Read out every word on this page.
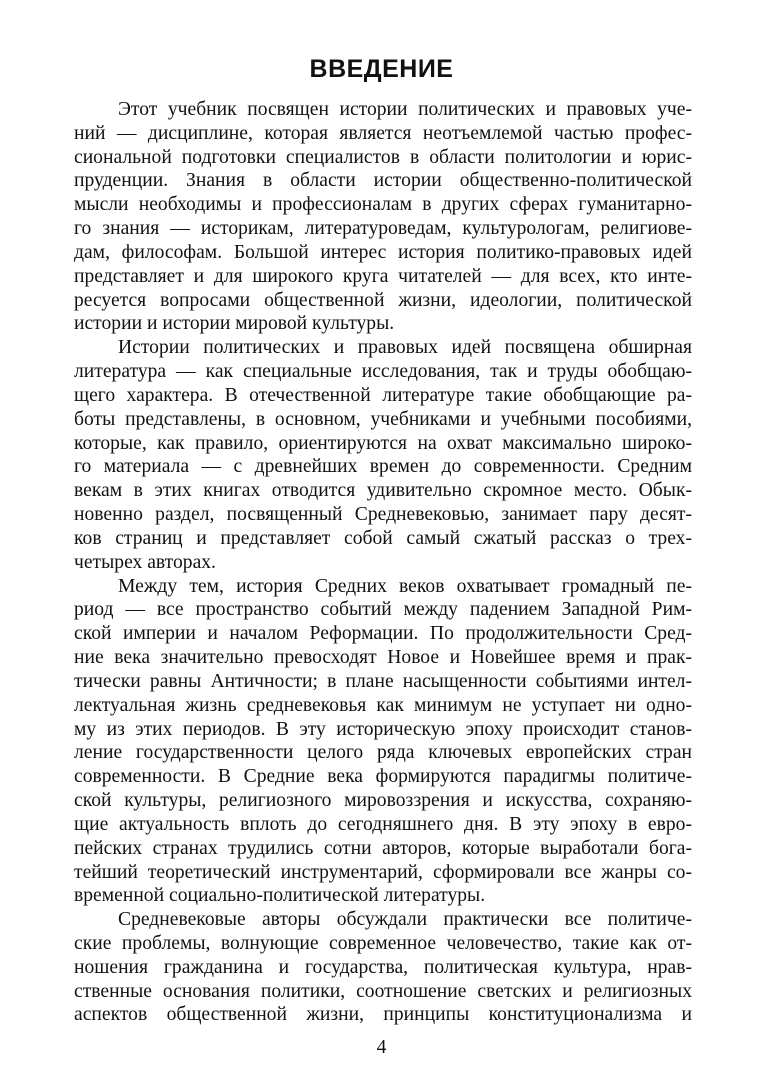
ВВЕДЕНИЕ
Этот учебник посвящен истории политических и правовых уче-
ний — дисциплине, которая является неотъемлемой частью профес-
сиональной подготовки специалистов в области политологии и юрис-
пруденции. Знания в области истории общественно-политической
мысли необходимы и профессионалам в других сферах гуманитарно-
го знания — историкам, литературоведам, культурологам, религиове-
дам, философам. Большой интерес история политико-правовых идей
представляет и для широкого круга читателей — для всех, кто инте-
ресуется вопросами общественной жизни, идеологии, политической
истории и истории мировой культуры.
Истории политических и правовых идей посвящена обширная
литература — как специальные исследования, так и труды обобщаю-
щего характера. В отечественной литературе такие обобщающие ра-
боты представлены, в основном, учебниками и учебными пособиями,
которые, как правило, ориентируются на охват максимально широко-
го материала — с древнейших времен до современности. Средним
векам в этих книгах отводится удивительно скромное место. Обык-
новенно раздел, посвященный Средневековью, занимает пару десят-
ков страниц и представляет собой самый сжатый рассказ о трех-
четырех авторах.
Между тем, история Средних веков охватывает громадный пе-
риод — все пространство событий между падением Западной Рим-
ской империи и началом Реформации. По продолжительности Сред-
ние века значительно превосходят Новое и Новейшее время и прак-
тически равны Античности; в плане насыщенности событиями интел-
лектуальная жизнь средневековья как минимум не уступает ни одно-
му из этих периодов. В эту историческую эпоху происходит станов-
ление государственности целого ряда ключевых европейских стран
современности. В Средние века формируются парадигмы политиче-
ской культуры, религиозного мировоззрения и искусства, сохраняю-
щие актуальность вплоть до сегодняшнего дня. В эту эпоху в евро-
пейских странах трудились сотни авторов, которые выработали бога-
тейший теоретический инструментарий, сформировали все жанры со-
временной социально-политической литературы.
Средневековые авторы обсуждали практически все политиче-
ские проблемы, волнующие современное человечество, такие как от-
ношения гражданина и государства, политическая культура, нрав-
ственные основания политики, соотношение светских и религиозных
аспектов общественной жизни, принципы конституционализма и
4
